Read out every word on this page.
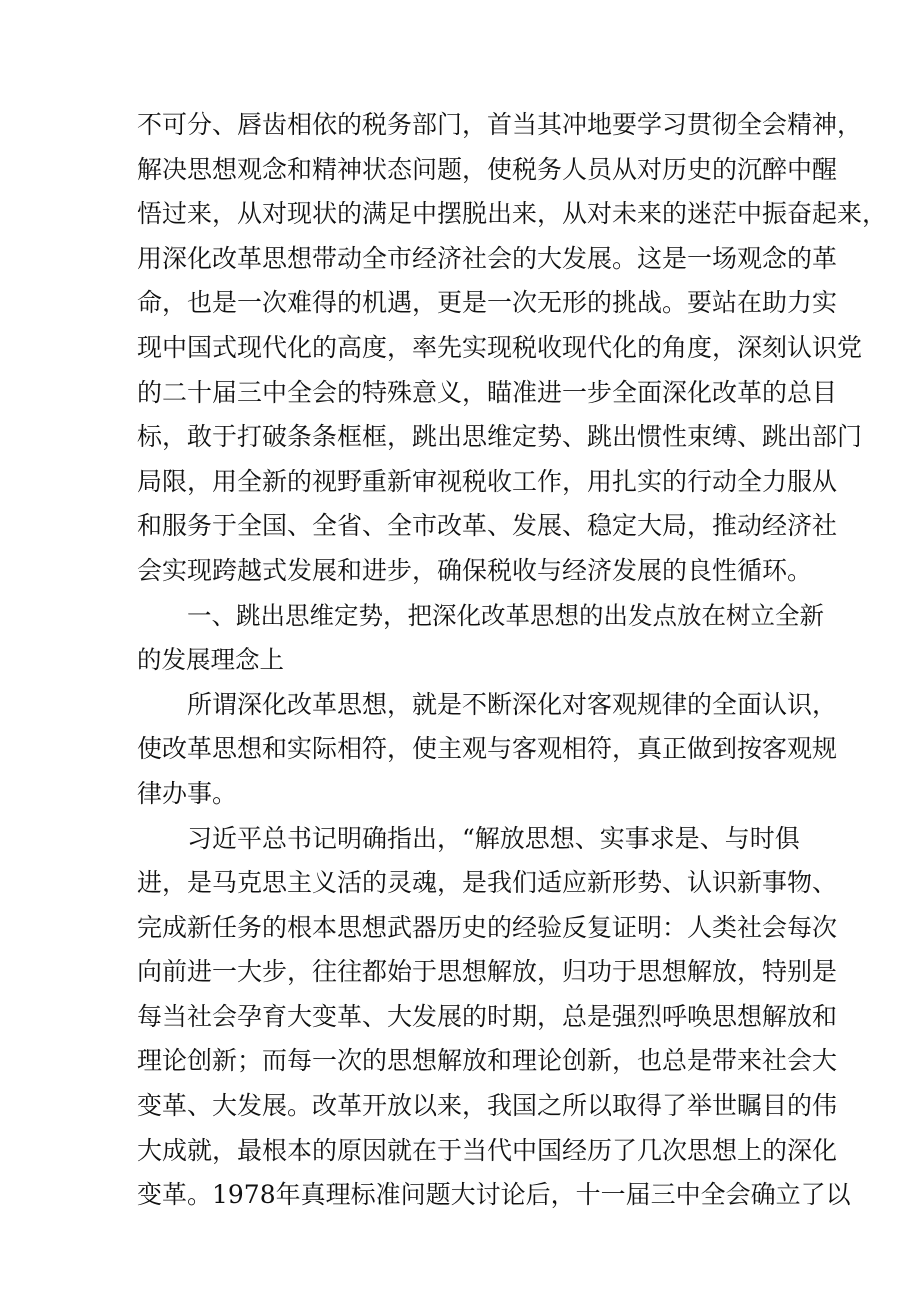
不可分、唇齿相依的税务部门，首当其冲地要学习贯彻全会精神，
解决思想观念和精神状态问题，使税务人员从对历史的沉醉中醒
悟过来，从对现状的满足中摆脱出来，从对未来的迷茫中振奋起来，
用深化改革思想带动全市经济社会的大发展。这是一场观念的革
命，也是一次难得的机遇，更是一次无形的挑战。要站在助力实
现中国式现代化的高度，率先实现税收现代化的角度，深刻认识党
的二十届三中全会的特殊意义，瞄准进一步全面深化改革的总目
标，敢于打破条条框框，跳出思维定势、跳出惯性束缚、跳出部门
局限，用全新的视野重新审视税收工作，用扎实的行动全力服从
和服务于全国、全省、全市改革、发展、稳定大局，推动经济社
会实现跨越式发展和进步，确保税收与经济发展的良性循环。
一、跳出思维定势，把深化改革思想的出发点放在树立全新
的发展理念上
所谓深化改革思想，就是不断深化对客观规律的全面认识，
使改革思想和实际相符，使主观与客观相符，真正做到按客观规
律办事。
习近平总书记明确指出，“解放思想、实事求是、与时俱
进，是马克思主义活的灵魂，是我们适应新形势、认识新事物、
完成新任务的根本思想武器历史的经验反复证明：人类社会每次
向前进一大步，往往都始于思想解放，归功于思想解放，特别是
每当社会孕育大变革、大发展的时期，总是强烈呼唤思想解放和
理论创新；而每一次的思想解放和理论创新，也总是带来社会大
变革、大发展。改革开放以来，我国之所以取得了举世瞩目的伟
大成就，最根本的原因就在于当代中国经历了几次思想上的深化
变革。1978年真理标准问题大讨论后，十一届三中全会确立了以
